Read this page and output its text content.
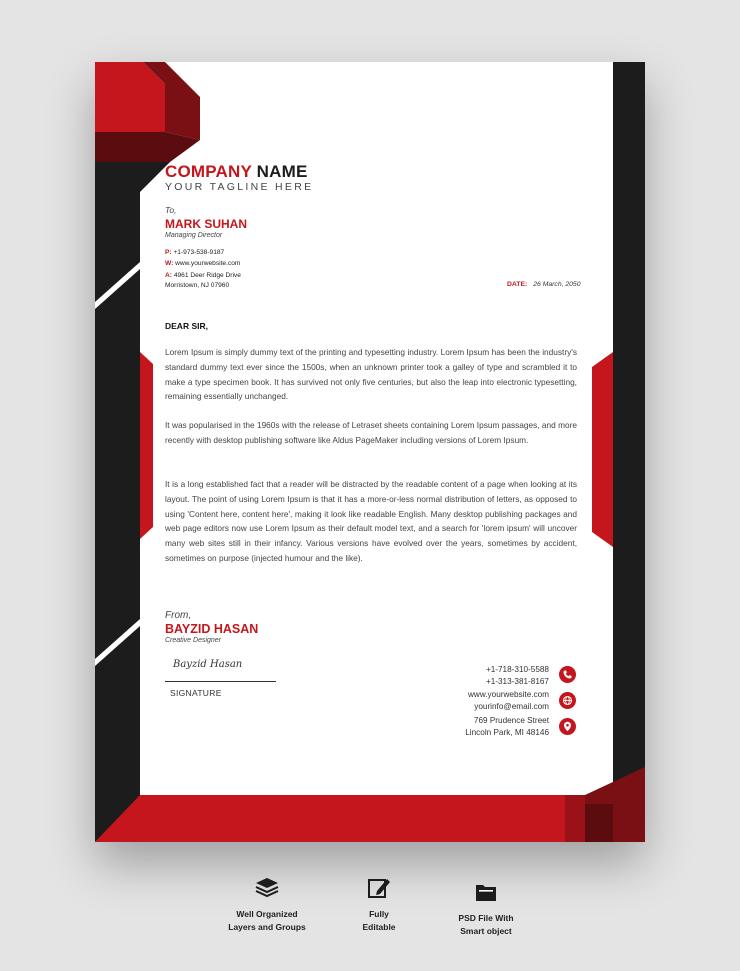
COMPANY NAME
YOUR TAGLINE HERE
To,
MARK SUHAN
Managing Director
P: +1-973-538-9187
W: www.yourwebsite.com
A: 4961 Deer Ridge Drive
Morristown, NJ 07960	DATE: 26 March, 2050
DEAR SIR,

Lorem Ipsum is simply dummy text of the printing and typesetting industry. Lorem Ipsum has been the industry's standard dummy text ever since the 1500s, when an unknown printer took a galley of type and scrambled it to make a type specimen book. It has survived not only five centuries, but also the leap into electronic typesetting, remaining essentially unchanged.

It was popularised in the 1960s with the release of Letraset sheets containing Lorem Ipsum passages, and more recently with desktop publishing software like Aldus PageMaker including versions of Lorem Ipsum.

It is a long established fact that a reader will be distracted by the readable content of a page when looking at its layout. The point of using Lorem Ipsum is that it has a more-or-less normal distribution of letters, as opposed to using 'Content here, content here', making it look like readable English. Many desktop publishing packages and web page editors now use Lorem Ipsum as their default model text, and a search for 'lorem ipsum' will uncover many web sites still in their infancy. Various versions have evolved over the years, sometimes by accident, sometimes on purpose (injected humour and the like).

From,
BAYZID HASAN
Creative Designer
Bayzid Hasan
SIGNATURE
+1-718-310-5588
+1-313-381-8167
www.yourwebsite.com
yourinfo@email.com
769 Prudence Street
Lincoln Park, MI 48146
Well Organized
Layers and Groups
Fully
Editable
PSD File With
Smart object
